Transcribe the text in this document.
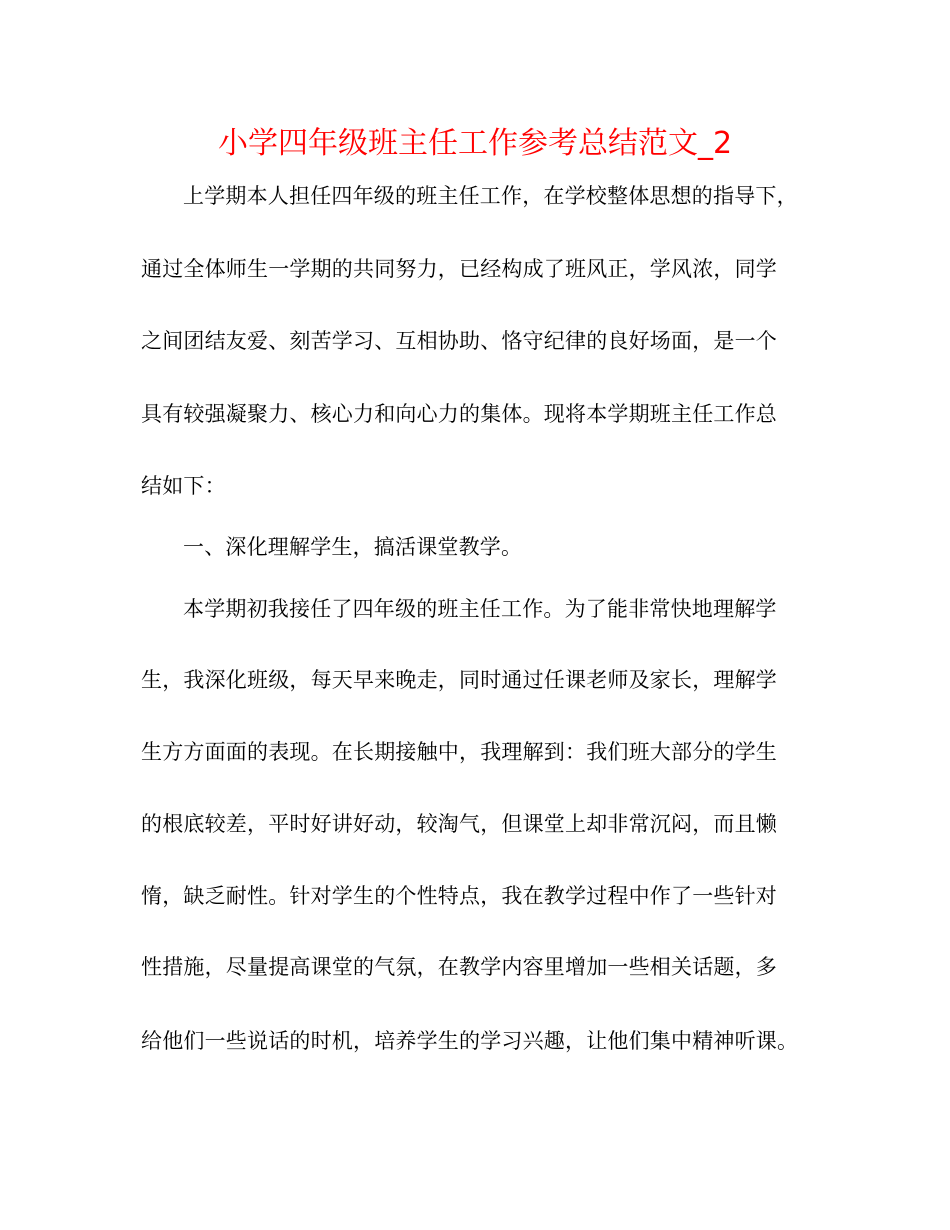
小学四年级班主任工作参考总结范文_2
上学期本人担任四年级的班主任工作，在学校整体思想的指导下，
通过全体师生一学期的共同努力，已经构成了班风正，学风浓，同学
之间团结友爱、刻苦学习、互相协助、恪守纪律的良好场面，是一个
具有较强凝聚力、核心力和向心力的集体。现将本学期班主任工作总
结如下：
一、深化理解学生，搞活课堂教学。
本学期初我接任了四年级的班主任工作。为了能非常快地理解学
生，我深化班级，每天早来晚走，同时通过任课老师及家长，理解学
生方方面面的表现。在长期接触中，我理解到：我们班大部分的学生
的根底较差，平时好讲好动，较淘气，但课堂上却非常沉闷，而且懒
惰，缺乏耐性。针对学生的个性特点，我在教学过程中作了一些针对
性措施，尽量提高课堂的气氛，在教学内容里增加一些相关话题，多
给他们一些说话的时机，培养学生的学习兴趣，让他们集中精神听课。
